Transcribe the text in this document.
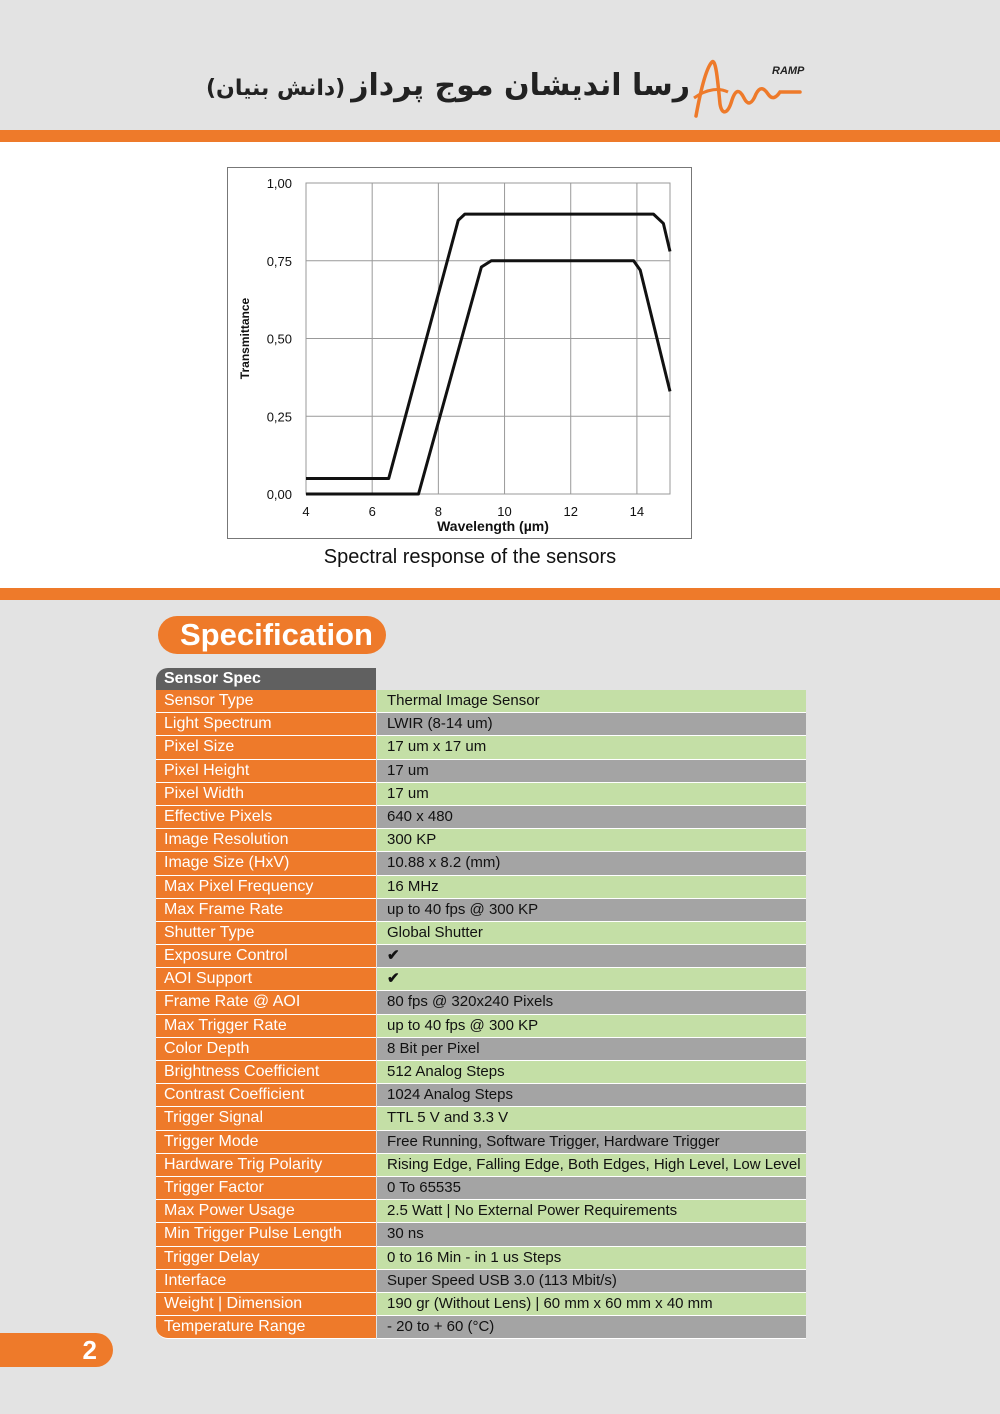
رسا اندیشان موج پرداز(دانش بنیان)
RAMP
4	6	8	10	12	14
0,00
0,25
0,50
0,75
1,00
Wavelength (µm)
Transmittance
Spectral response of the sensors
Specification
Sensor Spec
Sensor Type	Thermal Image Sensor
Light Spectrum	LWIR (8-14 um)
Pixel Size	17 um x 17 um
Pixel Height	17 um
Pixel Width	17 um
Effective Pixels	640 x 480
Image Resolution	300 KP
Image Size (HxV)	10.88 x 8.2 (mm)
Max Pixel Frequency	16 MHz
Max Frame Rate	up to 40 fps @ 300 KP
Shutter Type	Global Shutter
Exposure Control	✔
AOI Support	✔
Frame Rate @ AOI	80 fps @ 320x240 Pixels
Max Trigger Rate	up to 40 fps @ 300 KP
Color Depth	8 Bit per Pixel
Brightness Coefficient	512 Analog Steps
Contrast Coefficient	1024 Analog Steps
Trigger Signal	TTL 5 V and 3.3 V
Trigger Mode	Free Running, Software Trigger, Hardware Trigger
Hardware Trig Polarity	Rising Edge, Falling Edge, Both Edges, High Level, Low Level
Trigger Factor	0 To 65535
Max Power Usage	2.5 Watt | No External Power Requirements
Min Trigger Pulse Length	30 ns
Trigger Delay	0 to 16 Min - in 1 us Steps
Interface	Super Speed USB 3.0 (113 Mbit/s)
Weight | Dimension	190 gr (Without Lens) | 60 mm x 60 mm x 40 mm
Temperature Range	- 20 to + 60 (°C)
2
